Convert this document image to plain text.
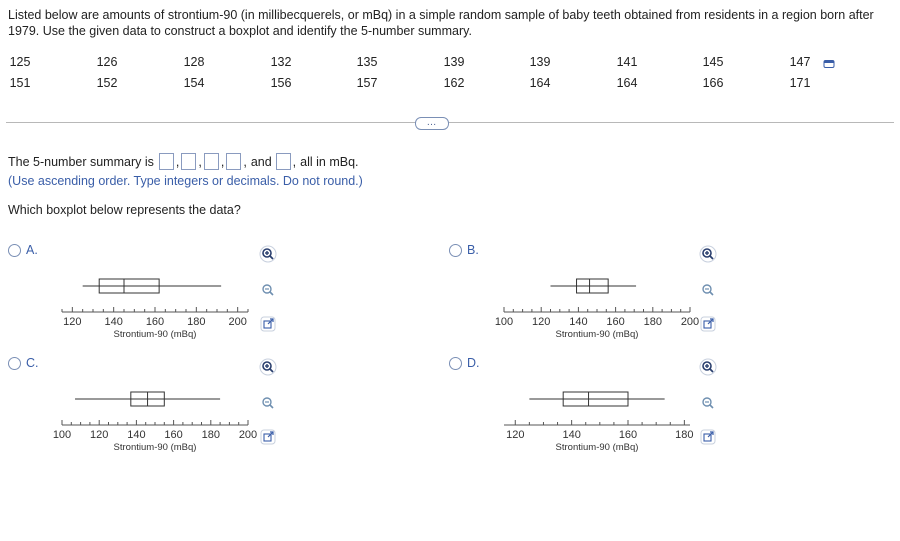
Listed below are amounts of strontium-90 (in millibecquerels, or mBq) in a simple random sample of baby teeth obtained from residents in a region born after 1979. Use the given data to construct a boxplot and identify the 5-number summary.
125	126	128	132	135	139	139	141	145	147
151	152	154	156	157	162	164	164	166	171
…
The 5-number summary is , , , , and , all in mBq.
(Use ascending order. Type integers or decimals. Do not round.)
Which boxplot below represents the data?
A.	B.
C.	D.
120 140 160 180 200
Strontium-90 (mBq)
100 120 140 160 180 200
Strontium-90 (mBq)
100 120 140 160 180 200
Strontium-90 (mBq)
120	140	160	180
Strontium-90 (mBq)
